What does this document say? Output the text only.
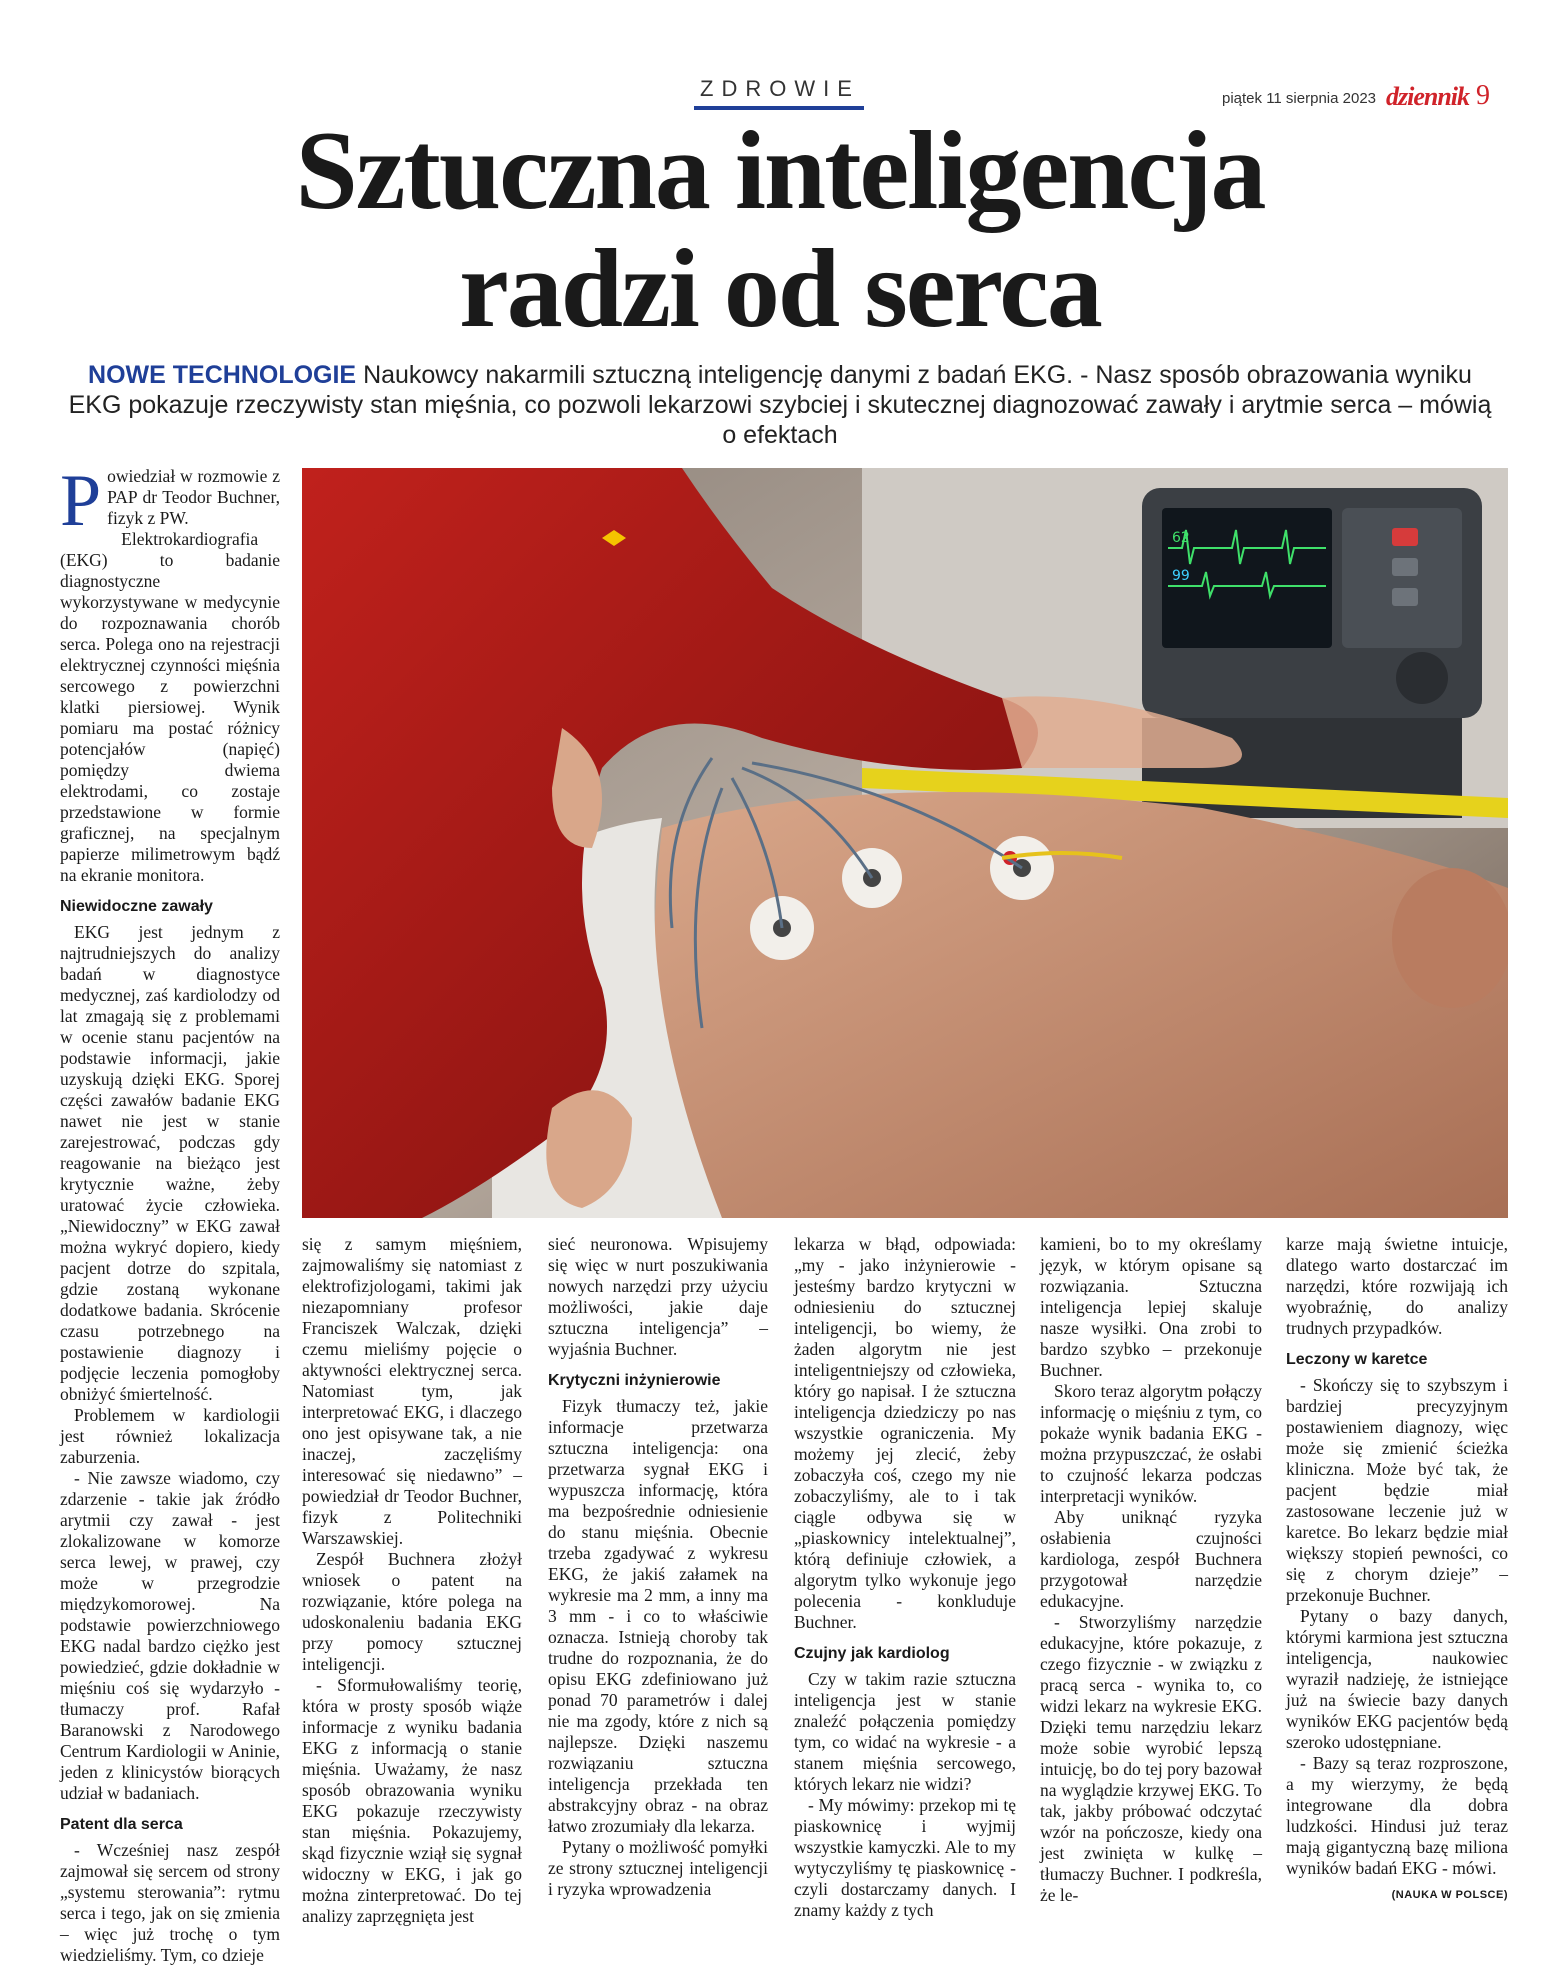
ZDROWIE	piątek 11 sierpnia 2023 dziennik 9
Sztuczna inteligencja
radzi od serca
NOWE TECHNOLOGIE Naukowcy nakarmili sztuczną inteligencję danymi z badań EKG. - Nasz sposób obrazowania wyniku EKG pokazuje rzeczywisty stan mięśnia, co pozwoli lekarzowi szybciej i skutecznej diagnozować zawały i arytmie serca – mówią o efektach
62
99
P owiedział w rozmowie z PAP dr Teodor Buchner, fizyk z PW.

Elektrokardiografia (EKG) to badanie diagnostyczne wykorzystywane w medycynie do rozpoznawania chorób serca. Polega ono na rejestracji elektrycznej czynności mięśnia sercowego z powierzchni klatki piersiowej. Wynik pomiaru ma postać różnicy potencjałów (napięć) pomiędzy dwiema elektrodami, co zostaje przedstawione w formie graficznej, na specjalnym papierze milimetrowym bądź na ekranie monitora.

Niewidoczne zawały

EKG jest jednym z najtrudniejszych do analizy badań w diagnostyce medycznej, zaś kardiolodzy od lat zmagają się z problemami w ocenie stanu pacjentów na podstawie informacji, jakie uzyskują dzięki EKG. Sporej części zawałów badanie EKG nawet nie jest w stanie zarejestrować, podczas gdy reagowanie na bieżąco jest krytycznie ważne, żeby uratować życie człowieka. „Niewidoczny” w EKG zawał można wykryć dopiero, kiedy pacjent dotrze do szpitala, gdzie zostaną wykonane dodatkowe badania. Skrócenie czasu potrzebnego na postawienie diagnozy i podjęcie leczenia pomogłoby obniżyć śmiertelność.

Problemem w kardiologii jest również lokalizacja zaburzenia.

- Nie zawsze wiadomo, czy zdarzenie - takie jak źródło arytmii czy zawał - jest zlokalizowane w komorze serca lewej, w prawej, czy może w przegrodzie międzykomorowej. Na podstawie powierzchniowego EKG nadal bardzo ciężko jest powiedzieć, gdzie dokładnie w mięśniu coś się wydarzyło - tłumaczy prof. Rafał Baranowski z Narodowego Centrum Kardiologii w Aninie, jeden z klinicystów biorących udział w badaniach.

Patent dla serca

- Wcześniej nasz zespół zajmował się sercem od strony „systemu sterowania”: rytmu serca i tego, jak on się zmienia – więc już trochę o tym wiedzieliśmy. Tym, co dzieje

się z samym mięśniem, zajmowaliśmy się natomiast z elektrofizjologami, takimi jak niezapomniany profesor Franciszek Walczak, dzięki czemu mieliśmy pojęcie o aktywności elektrycznej serca. Natomiast tym, jak interpretować EKG, i dlaczego ono jest opisywane tak, a nie inaczej, zaczęliśmy interesować się niedawno” – powiedział dr Teodor Buchner, fizyk z Politechniki Warszawskiej.

Zespół Buchnera złożył wniosek o patent na rozwiązanie, które polega na udoskonaleniu badania EKG przy pomocy sztucznej inteligencji.

- Sformułowaliśmy teorię, która w prosty sposób wiąże informacje z wyniku badania EKG z informacją o stanie mięśnia. Uważamy, że nasz sposób obrazowania wyniku EKG pokazuje rzeczywisty stan mięśnia. Pokazujemy, skąd fizycznie wziął się sygnał widoczny w EKG, i jak go można zinterpretować. Do tej analizy zaprzęgnięta jest

sieć neuronowa. Wpisujemy się więc w nurt poszukiwania nowych narzędzi przy użyciu możliwości, jakie daje sztuczna inteligencja” – wyjaśnia Buchner.

Krytyczni inżynierowie

Fizyk tłumaczy też, jakie informacje przetwarza sztuczna inteligencja: ona przetwarza sygnał EKG i wypuszcza informację, która ma bezpośrednie odniesienie do stanu mięśnia. Obecnie trzeba zgadywać z wykresu EKG, że jakiś załamek na wykresie ma 2 mm, a inny ma 3 mm - i co to właściwie oznacza. Istnieją choroby tak trudne do rozpoznania, że do opisu EKG zdefiniowano już ponad 70 parametrów i dalej nie ma zgody, które z nich są najlepsze. Dzięki naszemu rozwiązaniu sztuczna inteligencja przekłada ten abstrakcyjny obraz - na obraz łatwo zrozumiały dla lekarza.

Pytany o możliwość pomyłki ze strony sztucznej inteligencji i ryzyka wprowadzenia

lekarza w błąd, odpowiada: „my - jako inżynierowie - jesteśmy bardzo krytyczni w odniesieniu do sztucznej inteligencji, bo wiemy, że żaden algorytm nie jest inteligentniejszy od człowieka, który go napisał. I że sztuczna inteligencja dziedziczy po nas wszystkie ograniczenia. My możemy jej zlecić, żeby zobaczyła coś, czego my nie zobaczyliśmy, ale to i tak ciągle odbywa się w „piaskownicy intelektualnej”, którą definiuje człowiek, a algorytm tylko wykonuje jego polecenia - konkluduje Buchner.

Czujny jak kardiolog

Czy w takim razie sztuczna inteligencja jest w stanie znaleźć połączenia pomiędzy tym, co widać na wykresie - a stanem mięśnia sercowego, których lekarz nie widzi?

- My mówimy: przekop mi tę piaskownicę i wyjmij wszystkie kamyczki. Ale to my wytyczyliśmy tę piaskownicę - czyli dostarczamy danych. I znamy każdy z tych

kamieni, bo to my określamy język, w którym opisane są rozwiązania. Sztuczna inteligencja lepiej skaluje nasze wysiłki. Ona zrobi to bardzo szybko – przekonuje Buchner.

Skoro teraz algorytm połączy informację o mięśniu z tym, co pokaże wynik badania EKG - można przypuszczać, że osłabi to czujność lekarza podczas interpretacji wyników.

Aby uniknąć ryzyka osłabienia czujności kardiologa, zespół Buchnera przygotował narzędzie edukacyjne.

- Stworzyliśmy narzędzie edukacyjne, które pokazuje, z czego fizycznie - w związku z pracą serca - wynika to, co widzi lekarz na wykresie EKG. Dzięki temu narzędziu lekarz może sobie wyrobić lepszą intuicję, bo do tej pory bazował na wyglądzie krzywej EKG. To tak, jakby próbować odczytać wzór na pończosze, kiedy ona jest zwinięta w kulkę – tłumaczy Buchner. I podkreśla, że le-

karze mają świetne intuicje, dlatego warto dostarczać im narzędzi, które rozwijają ich wyobraźnię, do analizy trudnych przypadków.

Leczony w karetce

- Skończy się to szybszym i bardziej precyzyjnym postawieniem diagnozy, więc może się zmienić ścieżka kliniczna. Może być tak, że pacjent będzie miał zastosowane leczenie już w karetce. Bo lekarz będzie miał większy stopień pewności, co się z chorym dzieje” – przekonuje Buchner.

Pytany o bazy danych, którymi karmiona jest sztuczna inteligencja, naukowiec wyraził nadzieję, że istniejące już na świecie bazy danych wyników EKG pacjentów będą szeroko udostępniane.

- Bazy są teraz rozproszone, a my wierzymy, że będą integrowane dla dobra ludzkości. Hindusi już teraz mają gigantyczną bazę miliona wyników badań EKG - mówi.

(NAUKA W POLSCE)
